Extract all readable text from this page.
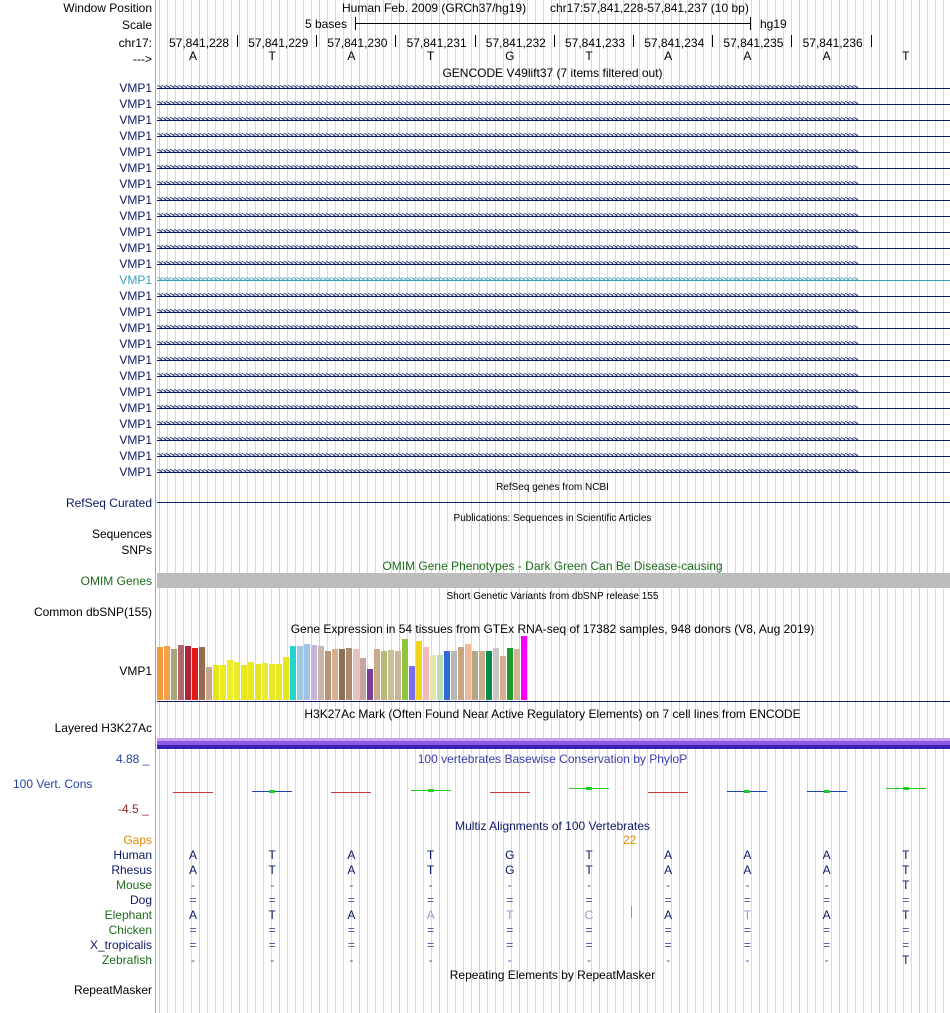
Window Position	Human Feb. 2009 (GRCh37/hg19) chr17:57,841,228-57,841,237 (10 bp)
Scale	5 bases	hg19
chr17: 57,841,228 57,841,229 57,841,230 57,841,231 57,841,232 57,841,233 57,841,234 57,841,235 57,841,236
--->	A	T	A	T	G	T	A	A	A	T
GENCODE V49lift37 (7 items filtered out)
VMP1 >>>>>>>>>>>>>>>>>>>>>>>>>>>>>>>>>>>>>>>>>>>>>>>>>>>>>>>>>>>>>>>>>>>>>>>>>>>>>>>>>>>>>>>>>>>>>>>>>>>>>>>>>>>>>>>>>>>>>>>>>>>>>>>>>>>>>>>>>>>>>>>>>>>>>>>>>>>>>>>>>>>>>>
VMP1 >>>>>>>>>>>>>>>>>>>>>>>>>>>>>>>>>>>>>>>>>>>>>>>>>>>>>>>>>>>>>>>>>>>>>>>>>>>>>>>>>>>>>>>>>>>>>>>>>>>>>>>>>>>>>>>>>>>>>>>>>>>>>>>>>>>>>>>>>>>>>>>>>>>>>>>>>>>>>>>>>>>>>>
VMP1 >>>>>>>>>>>>>>>>>>>>>>>>>>>>>>>>>>>>>>>>>>>>>>>>>>>>>>>>>>>>>>>>>>>>>>>>>>>>>>>>>>>>>>>>>>>>>>>>>>>>>>>>>>>>>>>>>>>>>>>>>>>>>>>>>>>>>>>>>>>>>>>>>>>>>>>>>>>>>>>>>>>>>>
VMP1 >>>>>>>>>>>>>>>>>>>>>>>>>>>>>>>>>>>>>>>>>>>>>>>>>>>>>>>>>>>>>>>>>>>>>>>>>>>>>>>>>>>>>>>>>>>>>>>>>>>>>>>>>>>>>>>>>>>>>>>>>>>>>>>>>>>>>>>>>>>>>>>>>>>>>>>>>>>>>>>>>>>>>>
VMP1 >>>>>>>>>>>>>>>>>>>>>>>>>>>>>>>>>>>>>>>>>>>>>>>>>>>>>>>>>>>>>>>>>>>>>>>>>>>>>>>>>>>>>>>>>>>>>>>>>>>>>>>>>>>>>>>>>>>>>>>>>>>>>>>>>>>>>>>>>>>>>>>>>>>>>>>>>>>>>>>>>>>>>>
VMP1 >>>>>>>>>>>>>>>>>>>>>>>>>>>>>>>>>>>>>>>>>>>>>>>>>>>>>>>>>>>>>>>>>>>>>>>>>>>>>>>>>>>>>>>>>>>>>>>>>>>>>>>>>>>>>>>>>>>>>>>>>>>>>>>>>>>>>>>>>>>>>>>>>>>>>>>>>>>>>>>>>>>>>>
VMP1 >>>>>>>>>>>>>>>>>>>>>>>>>>>>>>>>>>>>>>>>>>>>>>>>>>>>>>>>>>>>>>>>>>>>>>>>>>>>>>>>>>>>>>>>>>>>>>>>>>>>>>>>>>>>>>>>>>>>>>>>>>>>>>>>>>>>>>>>>>>>>>>>>>>>>>>>>>>>>>>>>>>>>>
VMP1 >>>>>>>>>>>>>>>>>>>>>>>>>>>>>>>>>>>>>>>>>>>>>>>>>>>>>>>>>>>>>>>>>>>>>>>>>>>>>>>>>>>>>>>>>>>>>>>>>>>>>>>>>>>>>>>>>>>>>>>>>>>>>>>>>>>>>>>>>>>>>>>>>>>>>>>>>>>>>>>>>>>>>>
VMP1 >>>>>>>>>>>>>>>>>>>>>>>>>>>>>>>>>>>>>>>>>>>>>>>>>>>>>>>>>>>>>>>>>>>>>>>>>>>>>>>>>>>>>>>>>>>>>>>>>>>>>>>>>>>>>>>>>>>>>>>>>>>>>>>>>>>>>>>>>>>>>>>>>>>>>>>>>>>>>>>>>>>>>>
VMP1 >>>>>>>>>>>>>>>>>>>>>>>>>>>>>>>>>>>>>>>>>>>>>>>>>>>>>>>>>>>>>>>>>>>>>>>>>>>>>>>>>>>>>>>>>>>>>>>>>>>>>>>>>>>>>>>>>>>>>>>>>>>>>>>>>>>>>>>>>>>>>>>>>>>>>>>>>>>>>>>>>>>>>>
VMP1 >>>>>>>>>>>>>>>>>>>>>>>>>>>>>>>>>>>>>>>>>>>>>>>>>>>>>>>>>>>>>>>>>>>>>>>>>>>>>>>>>>>>>>>>>>>>>>>>>>>>>>>>>>>>>>>>>>>>>>>>>>>>>>>>>>>>>>>>>>>>>>>>>>>>>>>>>>>>>>>>>>>>>>
VMP1 >>>>>>>>>>>>>>>>>>>>>>>>>>>>>>>>>>>>>>>>>>>>>>>>>>>>>>>>>>>>>>>>>>>>>>>>>>>>>>>>>>>>>>>>>>>>>>>>>>>>>>>>>>>>>>>>>>>>>>>>>>>>>>>>>>>>>>>>>>>>>>>>>>>>>>>>>>>>>>>>>>>>>>
VMP1 >>>>>>>>>>>>>>>>>>>>>>>>>>>>>>>>>>>>>>>>>>>>>>>>>>>>>>>>>>>>>>>>>>>>>>>>>>>>>>>>>>>>>>>>>>>>>>>>>>>>>>>>>>>>>>>>>>>>>>>>>>>>>>>>>>>>>>>>>>>>>>>>>>>>>>>>>>>>>>>>>>>>>>
VMP1 >>>>>>>>>>>>>>>>>>>>>>>>>>>>>>>>>>>>>>>>>>>>>>>>>>>>>>>>>>>>>>>>>>>>>>>>>>>>>>>>>>>>>>>>>>>>>>>>>>>>>>>>>>>>>>>>>>>>>>>>>>>>>>>>>>>>>>>>>>>>>>>>>>>>>>>>>>>>>>>>>>>>>>
VMP1 >>>>>>>>>>>>>>>>>>>>>>>>>>>>>>>>>>>>>>>>>>>>>>>>>>>>>>>>>>>>>>>>>>>>>>>>>>>>>>>>>>>>>>>>>>>>>>>>>>>>>>>>>>>>>>>>>>>>>>>>>>>>>>>>>>>>>>>>>>>>>>>>>>>>>>>>>>>>>>>>>>>>>>
VMP1 >>>>>>>>>>>>>>>>>>>>>>>>>>>>>>>>>>>>>>>>>>>>>>>>>>>>>>>>>>>>>>>>>>>>>>>>>>>>>>>>>>>>>>>>>>>>>>>>>>>>>>>>>>>>>>>>>>>>>>>>>>>>>>>>>>>>>>>>>>>>>>>>>>>>>>>>>>>>>>>>>>>>>>
VMP1 >>>>>>>>>>>>>>>>>>>>>>>>>>>>>>>>>>>>>>>>>>>>>>>>>>>>>>>>>>>>>>>>>>>>>>>>>>>>>>>>>>>>>>>>>>>>>>>>>>>>>>>>>>>>>>>>>>>>>>>>>>>>>>>>>>>>>>>>>>>>>>>>>>>>>>>>>>>>>>>>>>>>>>
VMP1 >>>>>>>>>>>>>>>>>>>>>>>>>>>>>>>>>>>>>>>>>>>>>>>>>>>>>>>>>>>>>>>>>>>>>>>>>>>>>>>>>>>>>>>>>>>>>>>>>>>>>>>>>>>>>>>>>>>>>>>>>>>>>>>>>>>>>>>>>>>>>>>>>>>>>>>>>>>>>>>>>>>>>>
VMP1 >>>>>>>>>>>>>>>>>>>>>>>>>>>>>>>>>>>>>>>>>>>>>>>>>>>>>>>>>>>>>>>>>>>>>>>>>>>>>>>>>>>>>>>>>>>>>>>>>>>>>>>>>>>>>>>>>>>>>>>>>>>>>>>>>>>>>>>>>>>>>>>>>>>>>>>>>>>>>>>>>>>>>>
VMP1 >>>>>>>>>>>>>>>>>>>>>>>>>>>>>>>>>>>>>>>>>>>>>>>>>>>>>>>>>>>>>>>>>>>>>>>>>>>>>>>>>>>>>>>>>>>>>>>>>>>>>>>>>>>>>>>>>>>>>>>>>>>>>>>>>>>>>>>>>>>>>>>>>>>>>>>>>>>>>>>>>>>>>>
VMP1 >>>>>>>>>>>>>>>>>>>>>>>>>>>>>>>>>>>>>>>>>>>>>>>>>>>>>>>>>>>>>>>>>>>>>>>>>>>>>>>>>>>>>>>>>>>>>>>>>>>>>>>>>>>>>>>>>>>>>>>>>>>>>>>>>>>>>>>>>>>>>>>>>>>>>>>>>>>>>>>>>>>>>>
VMP1 >>>>>>>>>>>>>>>>>>>>>>>>>>>>>>>>>>>>>>>>>>>>>>>>>>>>>>>>>>>>>>>>>>>>>>>>>>>>>>>>>>>>>>>>>>>>>>>>>>>>>>>>>>>>>>>>>>>>>>>>>>>>>>>>>>>>>>>>>>>>>>>>>>>>>>>>>>>>>>>>>>>>>>
VMP1 >>>>>>>>>>>>>>>>>>>>>>>>>>>>>>>>>>>>>>>>>>>>>>>>>>>>>>>>>>>>>>>>>>>>>>>>>>>>>>>>>>>>>>>>>>>>>>>>>>>>>>>>>>>>>>>>>>>>>>>>>>>>>>>>>>>>>>>>>>>>>>>>>>>>>>>>>>>>>>>>>>>>>>
VMP1 >>>>>>>>>>>>>>>>>>>>>>>>>>>>>>>>>>>>>>>>>>>>>>>>>>>>>>>>>>>>>>>>>>>>>>>>>>>>>>>>>>>>>>>>>>>>>>>>>>>>>>>>>>>>>>>>>>>>>>>>>>>>>>>>>>>>>>>>>>>>>>>>>>>>>>>>>>>>>>>>>>>>>>
VMP1 >>>>>>>>>>>>>>>>>>>>>>>>>>>>>>>>>>>>>>>>>>>>>>>>>>>>>>>>>>>>>>>>>>>>>>>>>>>>>>>>>>>>>>>>>>>>>>>>>>>>>>>>>>>>>>>>>>>>>>>>>>>>>>>>>>>>>>>>>>>>>>>>>>>>>>>>>>>>>>>>>>>>>>
RefSeq genes from NCBI
RefSeq Curated
Publications: Sequences in Scientific Articles
Sequences
SNPs
OMIM Gene Phenotypes - Dark Green Can Be Disease-causing
OMIM Genes
Short Genetic Variants from dbSNP release 155
Common dbSNP(155)
Gene Expression in 54 tissues from GTEx RNA-seq of 17382 samples, 948 donors (V8, Aug 2019)
VMP1
H3K27Ac Mark (Often Found Near Active Regulatory Elements) on 7 cell lines from ENCODE
Layered H3K27Ac
100 vertebrates Basewise Conservation by PhyloP
4.88 _
100 Vert. Cons
-4.5 _
Multiz Alignments of 100 Vertebrates
Gaps	22
Human	A	T	A	T	G	T	A	A	A	T
Rhesus	A	T	A	T	G	T	A	A	A	T
Mouse	-	-	-	-	-	-	-	-	-	T
Dog	=	=	=	=	=	=	=	=	=	=
Elephant	A	T	A	A	T	C	A	T	A	T
Chicken	=	=	=	=	=	=	=	=	=	=
X_tropicalis	=	=	=	=	=	=	=	=	=	=
Zebrafish	-	-	-	-	-	-	-	-	-	T
Repeating Elements by RepeatMasker
RepeatMasker
